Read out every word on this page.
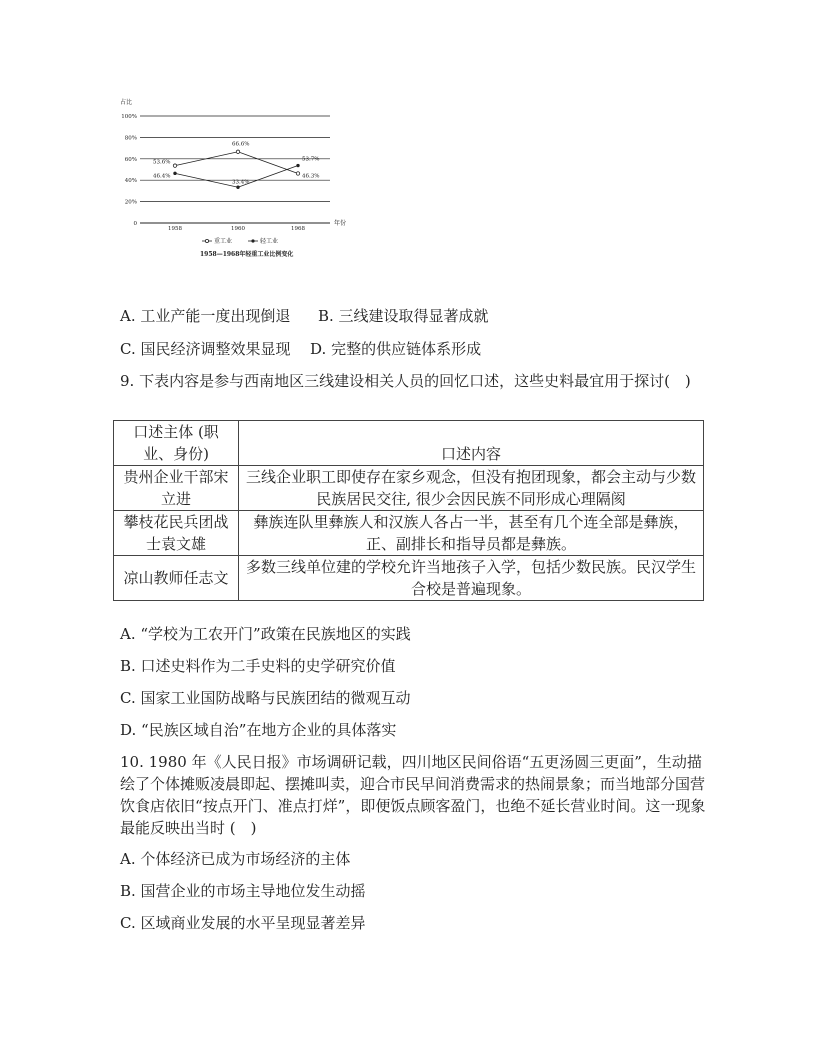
占比
0
20%
40%
60%
80%
100%
年份
1958	1960	1968
53.6%
66.6%
46.3%
46.4%
33.4%
53.7%
重工业	轻工业
1958—1968年轻重工业比例变化
A. 工业产能一度出现倒退 B. 三线建设取得显著成就
C. 国民经济调整效果显现 D. 完整的供应链体系形成
9. 下表内容是参与西南地区三线建设相关人员的回忆口述，这些史料最宜用于探讨(　)
口述主体 (职业、身份)	口述内容
贵州企业干部宋立进	三线企业职工即使存在家乡观念，但没有抱团现象，都会主动与少数民族居民交往, 很少会因民族不同形成心理隔阂
攀枝花民兵团战士袁文雄	彝族连队里彝族人和汉族人各占一半，甚至有几个连全部是彝族，正、副排长和指导员都是彝族。
凉山教师任志文	多数三线单位建的学校允许当地孩子入学，包括少数民族。民汉学生合校是普遍现象。
A. “学校为工农开门”政策在民族地区的实践
B. 口述史料作为二手史料的史学研究价值
C. 国家工业国防战略与民族团结的微观互动
D. “民族区域自治”在地方企业的具体落实
10. 1980 年《人民日报》市场调研记载，四川地区民间俗语“五更汤圆三更面”，生动描绘了个体摊贩凌晨即起、摆摊叫卖，迎合市民早间消费需求的热闹景象；而当地部分国营饮食店依旧“按点开门、准点打烊”，即便饭点顾客盈门，也绝不延长营业时间。这一现象最能反映出当时 (　)
A. 个体经济已成为市场经济的主体
B. 国营企业的市场主导地位发生动摇
C. 区域商业发展的水平呈现显著差异
